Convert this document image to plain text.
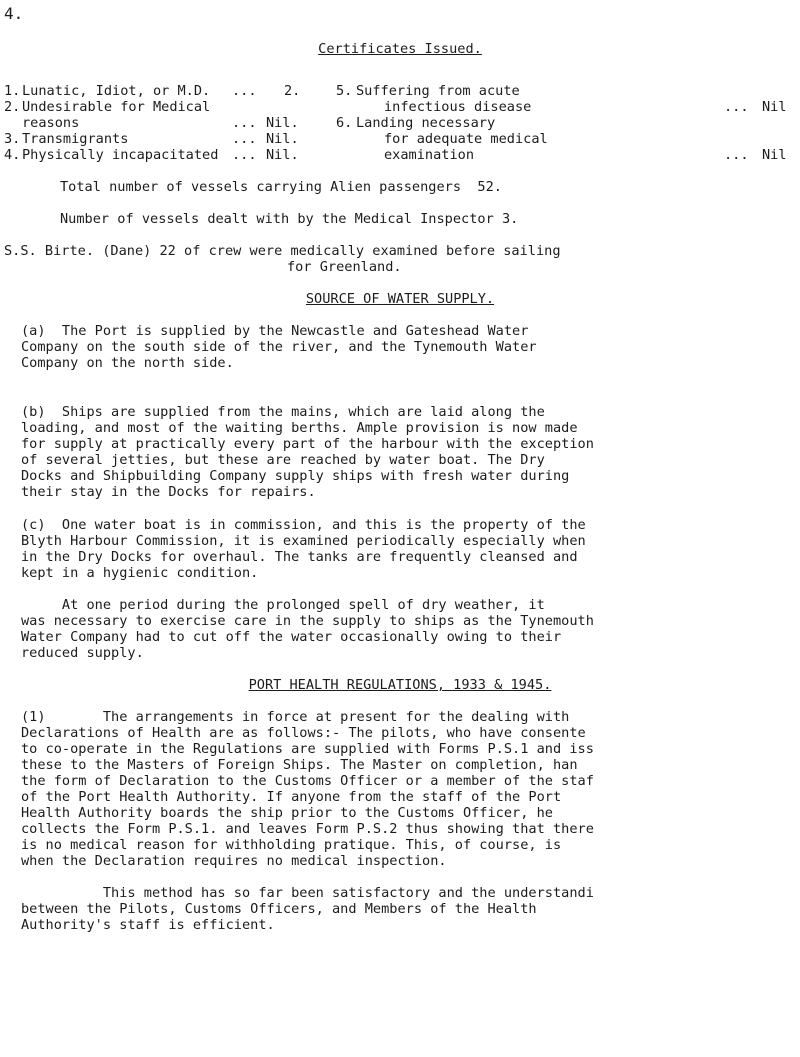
4.
Certificates Issued.
1. Lunatic, Idiot, or M.D. ... 2.
2. Undesirable for Medical
reasons	... Nil.
3. Transmigrants	... Nil.
4. Physically incapacitated ... Nil.
5. Suffering from acute
infectious disease	... Nil
6. Landing necessary
for adequate medical
examination	... Nil
Total number of vessels carrying Alien passengers  52.
Number of vessels dealt with by the Medical Inspector 3.
S.S. Birte. (Dane) 22 of crew were medically examined before sailing
for Greenland.
SOURCE OF WATER SUPPLY.
(a)  The Port is supplied by the Newcastle and Gateshead Water
Company on the south side of the river, and the Tynemouth Water
Company on the north side.
(b)  Ships are supplied from the mains, which are laid along the
loading, and most of the waiting berths. Ample provision is now made
for supply at practically every part of the harbour with the exception
of several jetties, but these are reached by water boat. The Dry
Docks and Shipbuilding Company supply ships with fresh water during
their stay in the Docks for repairs.
(c)  One water boat is in commission, and this is the property of the
Blyth Harbour Commission, it is examined periodically especially when
in the Dry Docks for overhaul. The tanks are frequently cleansed and
kept in a hygienic condition.
At one period during the prolonged spell of dry weather, it
was necessary to exercise care in the supply to ships as the Tynemouth
Water Company had to cut off the water occasionally owing to their
reduced supply.
PORT HEALTH REGULATIONS, 1933 & 1945.
(1)       The arrangements in force at present for the dealing with
Declarations of Health are as follows:- The pilots, who have consente
to co-operate in the Regulations are supplied with Forms P.S.1 and iss
these to the Masters of Foreign Ships. The Master on completion, han
the form of Declaration to the Customs Officer or a member of the staf
of the Port Health Authority. If anyone from the staff of the Port
Health Authority boards the ship prior to the Customs Officer, he
collects the Form P.S.1. and leaves Form P.S.2 thus showing that there
is no medical reason for withholding pratique. This, of course, is
when the Declaration requires no medical inspection.
This method has so far been satisfactory and the understandi
between the Pilots, Customs Officers, and Members of the Health
Authority's staff is efficient.
